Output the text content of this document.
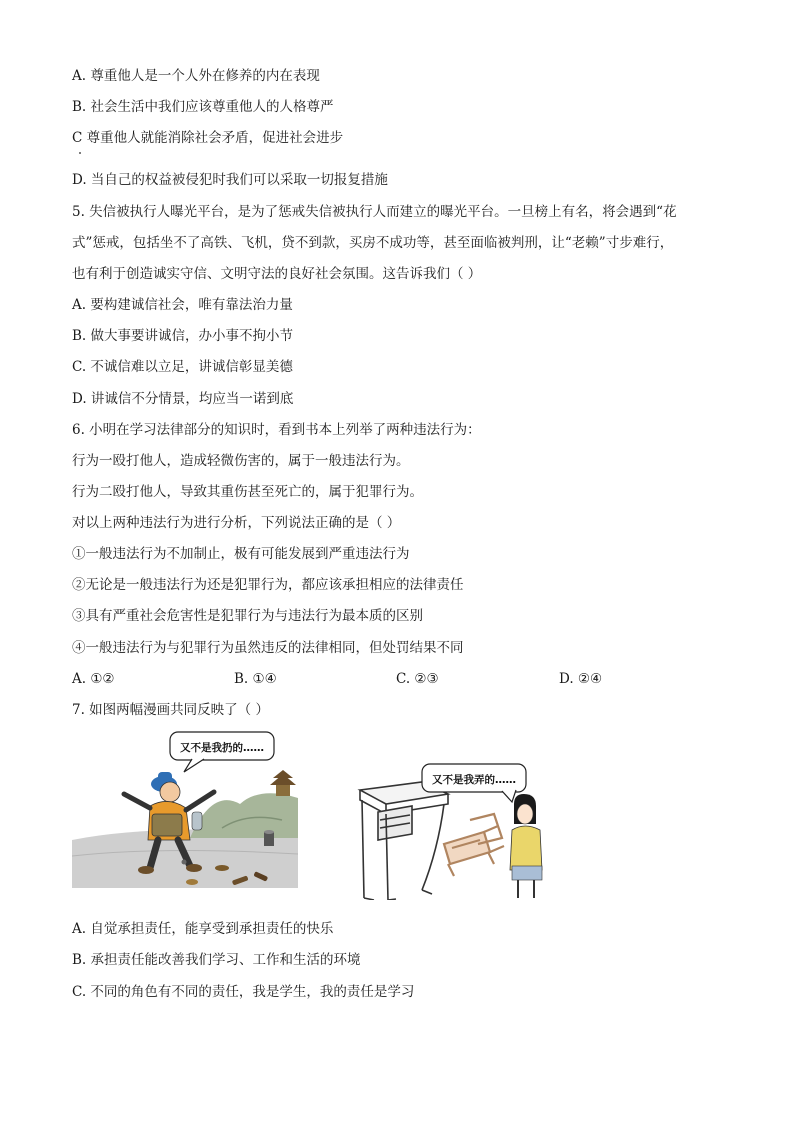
A. 尊重他人是一个人外在修养的内在表现
B. 社会生活中我们应该尊重他人的人格尊严
C 尊重他人就能消除社会矛盾，促进社会进步
D. 当自己的权益被侵犯时我们可以采取一切报复措施
5. 失信被执行人曝光平台，是为了惩戒失信被执行人而建立的曝光平台。一旦榜上有名，将会遇到“花
式”惩戒，包括坐不了高铁、飞机，贷不到款，买房不成功等，甚至面临被判刑，让“老赖”寸步难行，
也有利于创造诚实守信、文明守法的良好社会氛围。这告诉我们（ ）
A. 要构建诚信社会，唯有靠法治力量
B. 做大事要讲诚信，办小事不拘小节
C. 不诚信难以立足，讲诚信彰显美德
D. 讲诚信不分情景，均应当一诺到底
6. 小明在学习法律部分的知识时，看到书本上列举了两种违法行为：
行为一殴打他人，造成轻微伤害的，属于一般违法行为。
行为二殴打他人，导致其重伤甚至死亡的，属于犯罪行为。
对以上两种违法行为进行分析，下列说法正确的是（ ）
①一般违法行为不加制止，极有可能发展到严重违法行为
②无论是一般违法行为还是犯罪行为，都应该承担相应的法律责任
③具有严重社会危害性是犯罪行为与违法行为最本质的区别
④一般违法行为与犯罪行为虽然违反的法律相同，但处罚结果不同
A. ①②	B. ①④	C. ②③	D. ②④
7. 如图两幅漫画共同反映了（ ）
又不是我扔的……
又不是我弄的……
A. 自觉承担责任，能享受到承担责任的快乐
B. 承担责任能改善我们学习、工作和生活的环境
C. 不同的角色有不同的责任，我是学生，我的责任是学习
